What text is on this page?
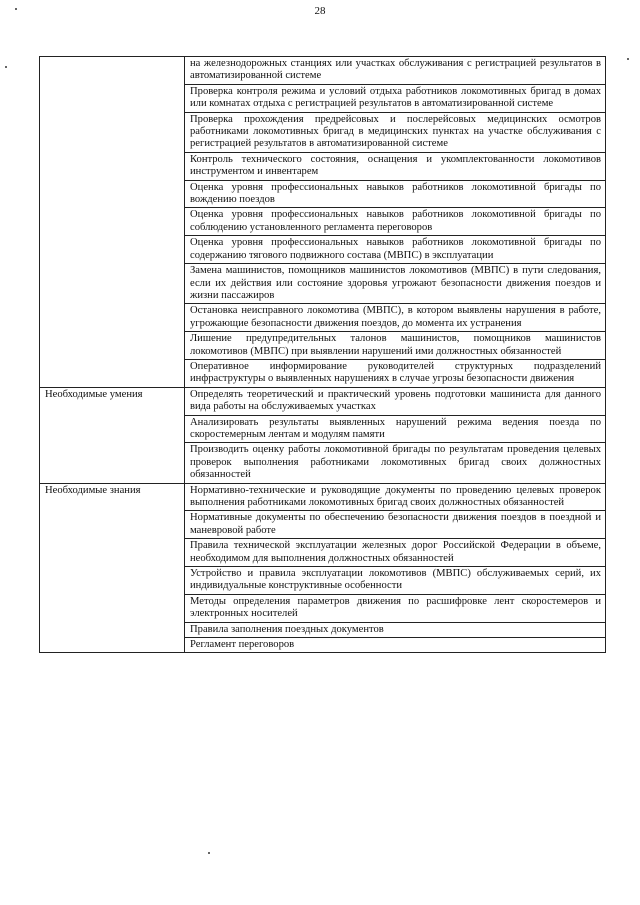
28
	на железнодорожных станциях или участках обслуживания с регистрацией результатов в автоматизированной системе
	Проверка контроля режима и условий отдыха работников локомотивных бригад в домах или комнатах отдыха с регистрацией результатов в автоматизированной системе
	Проверка прохождения предрейсовых и послерейсовых медицинских осмотров работниками локомотивных бригад в медицинских пунктах на участке обслуживания с регистрацией результатов в автоматизированной системе
	Контроль технического состояния, оснащения и укомплектованности локомотивов инструментом и инвентарем
	Оценка уровня профессиональных навыков работников локомотивной бригады по вождению поездов
	Оценка уровня профессиональных навыков работников локомотивной бригады по соблюдению установленного регламента переговоров
	Оценка уровня профессиональных навыков работников локомотивной бригады по содержанию тягового подвижного состава (МВПС) в эксплуатации
	Замена машинистов, помощников машинистов локомотивов (МВПС) в пути следования, если их действия или состояние здоровья угрожают безопасности движения поездов и жизни пассажиров
	Остановка неисправного локомотива (МВПС), в котором выявлены нарушения в работе, угрожающие безопасности движения поездов, до момента их устранения
	Лишение предупредительных талонов машинистов, помощников машинистов локомотивов (МВПС) при выявлении нарушений ими должностных обязанностей
	Оперативное информирование руководителей структурных подразделений инфраструктуры о выявленных нарушениях в случае угрозы безопасности движения
Необходимые умения	Определять теоретический и практический уровень подготовки машиниста для данного вида работы на обслуживаемых участках
	Анализировать результаты выявленных нарушений режима ведения поезда по скоростемерным лентам и модулям памяти
	Производить оценку работы локомотивной бригады по результатам проведения целевых проверок выполнения работниками локомотивных бригад своих должностных обязанностей
Необходимые знания	Нормативно-технические и руководящие документы по проведению целевых проверок выполнения работниками локомотивных бригад своих должностных обязанностей
	Нормативные документы по обеспечению безопасности движения поездов в поездной и маневровой работе
	Правила технической эксплуатации железных дорог Российской Федерации в объеме, необходимом для выполнения должностных обязанностей
	Устройство и правила эксплуатации локомотивов (МВПС) обслуживаемых серий, их индивидуальные конструктивные особенности
	Методы определения параметров движения по расшифровке лент скоростемеров и электронных носителей
	Правила заполнения поездных документов
	Регламент переговоров
